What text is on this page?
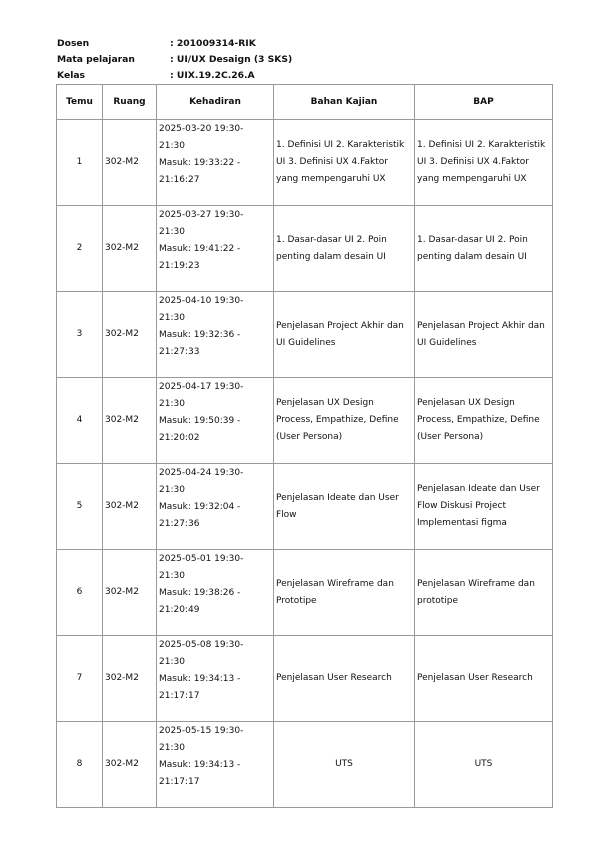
Dosen	: 201009314-RIK
Mata pelajaran	: UI/UX Desaign (3 SKS)
Kelas	: UIX.19.2C.26.A
Temu	Ruang	Kehadiran	Bahan Kajian	BAP
1	302-M2	2025-03-20 19:30-
21:30
Masuk: 19:33:22 -
21:16:27	1. Definisi UI 2. Karakteristik UI 3. Definisi UX 4.Faktor yang mempengaruhi UX	1. Definisi UI 2. Karakteristik UI 3. Definisi UX 4.Faktor yang mempengaruhi UX
2	302-M2	2025-03-27 19:30-
21:30
Masuk: 19:41:22 -
21:19:23	1. Dasar-dasar UI 2. Poin penting dalam desain UI	1. Dasar-dasar UI 2. Poin penting dalam desain UI
3	302-M2	2025-04-10 19:30-
21:30
Masuk: 19:32:36 -
21:27:33	Penjelasan Project Akhir dan UI Guidelines	Penjelasan Project Akhir dan UI Guidelines
4	302-M2	2025-04-17 19:30-
21:30
Masuk: 19:50:39 -
21:20:02	Penjelasan UX Design Process, Empathize, Define (User Persona)	Penjelasan UX Design Process, Empathize, Define (User Persona)
5	302-M2	2025-04-24 19:30-
21:30
Masuk: 19:32:04 -
21:27:36	Penjelasan Ideate dan User Flow	Penjelasan Ideate dan User Flow Diskusi Project Implementasi figma
6	302-M2	2025-05-01 19:30-
21:30
Masuk: 19:38:26 -
21:20:49	Penjelasan Wireframe dan Prototipe	Penjelasan Wireframe dan prototipe
7	302-M2	2025-05-08 19:30-
21:30
Masuk: 19:34:13 -
21:17:17	Penjelasan User Research	Penjelasan User Research
8	302-M2	2025-05-15 19:30-
21:30
Masuk: 19:34:13 -
21:17:17	UTS	UTS
